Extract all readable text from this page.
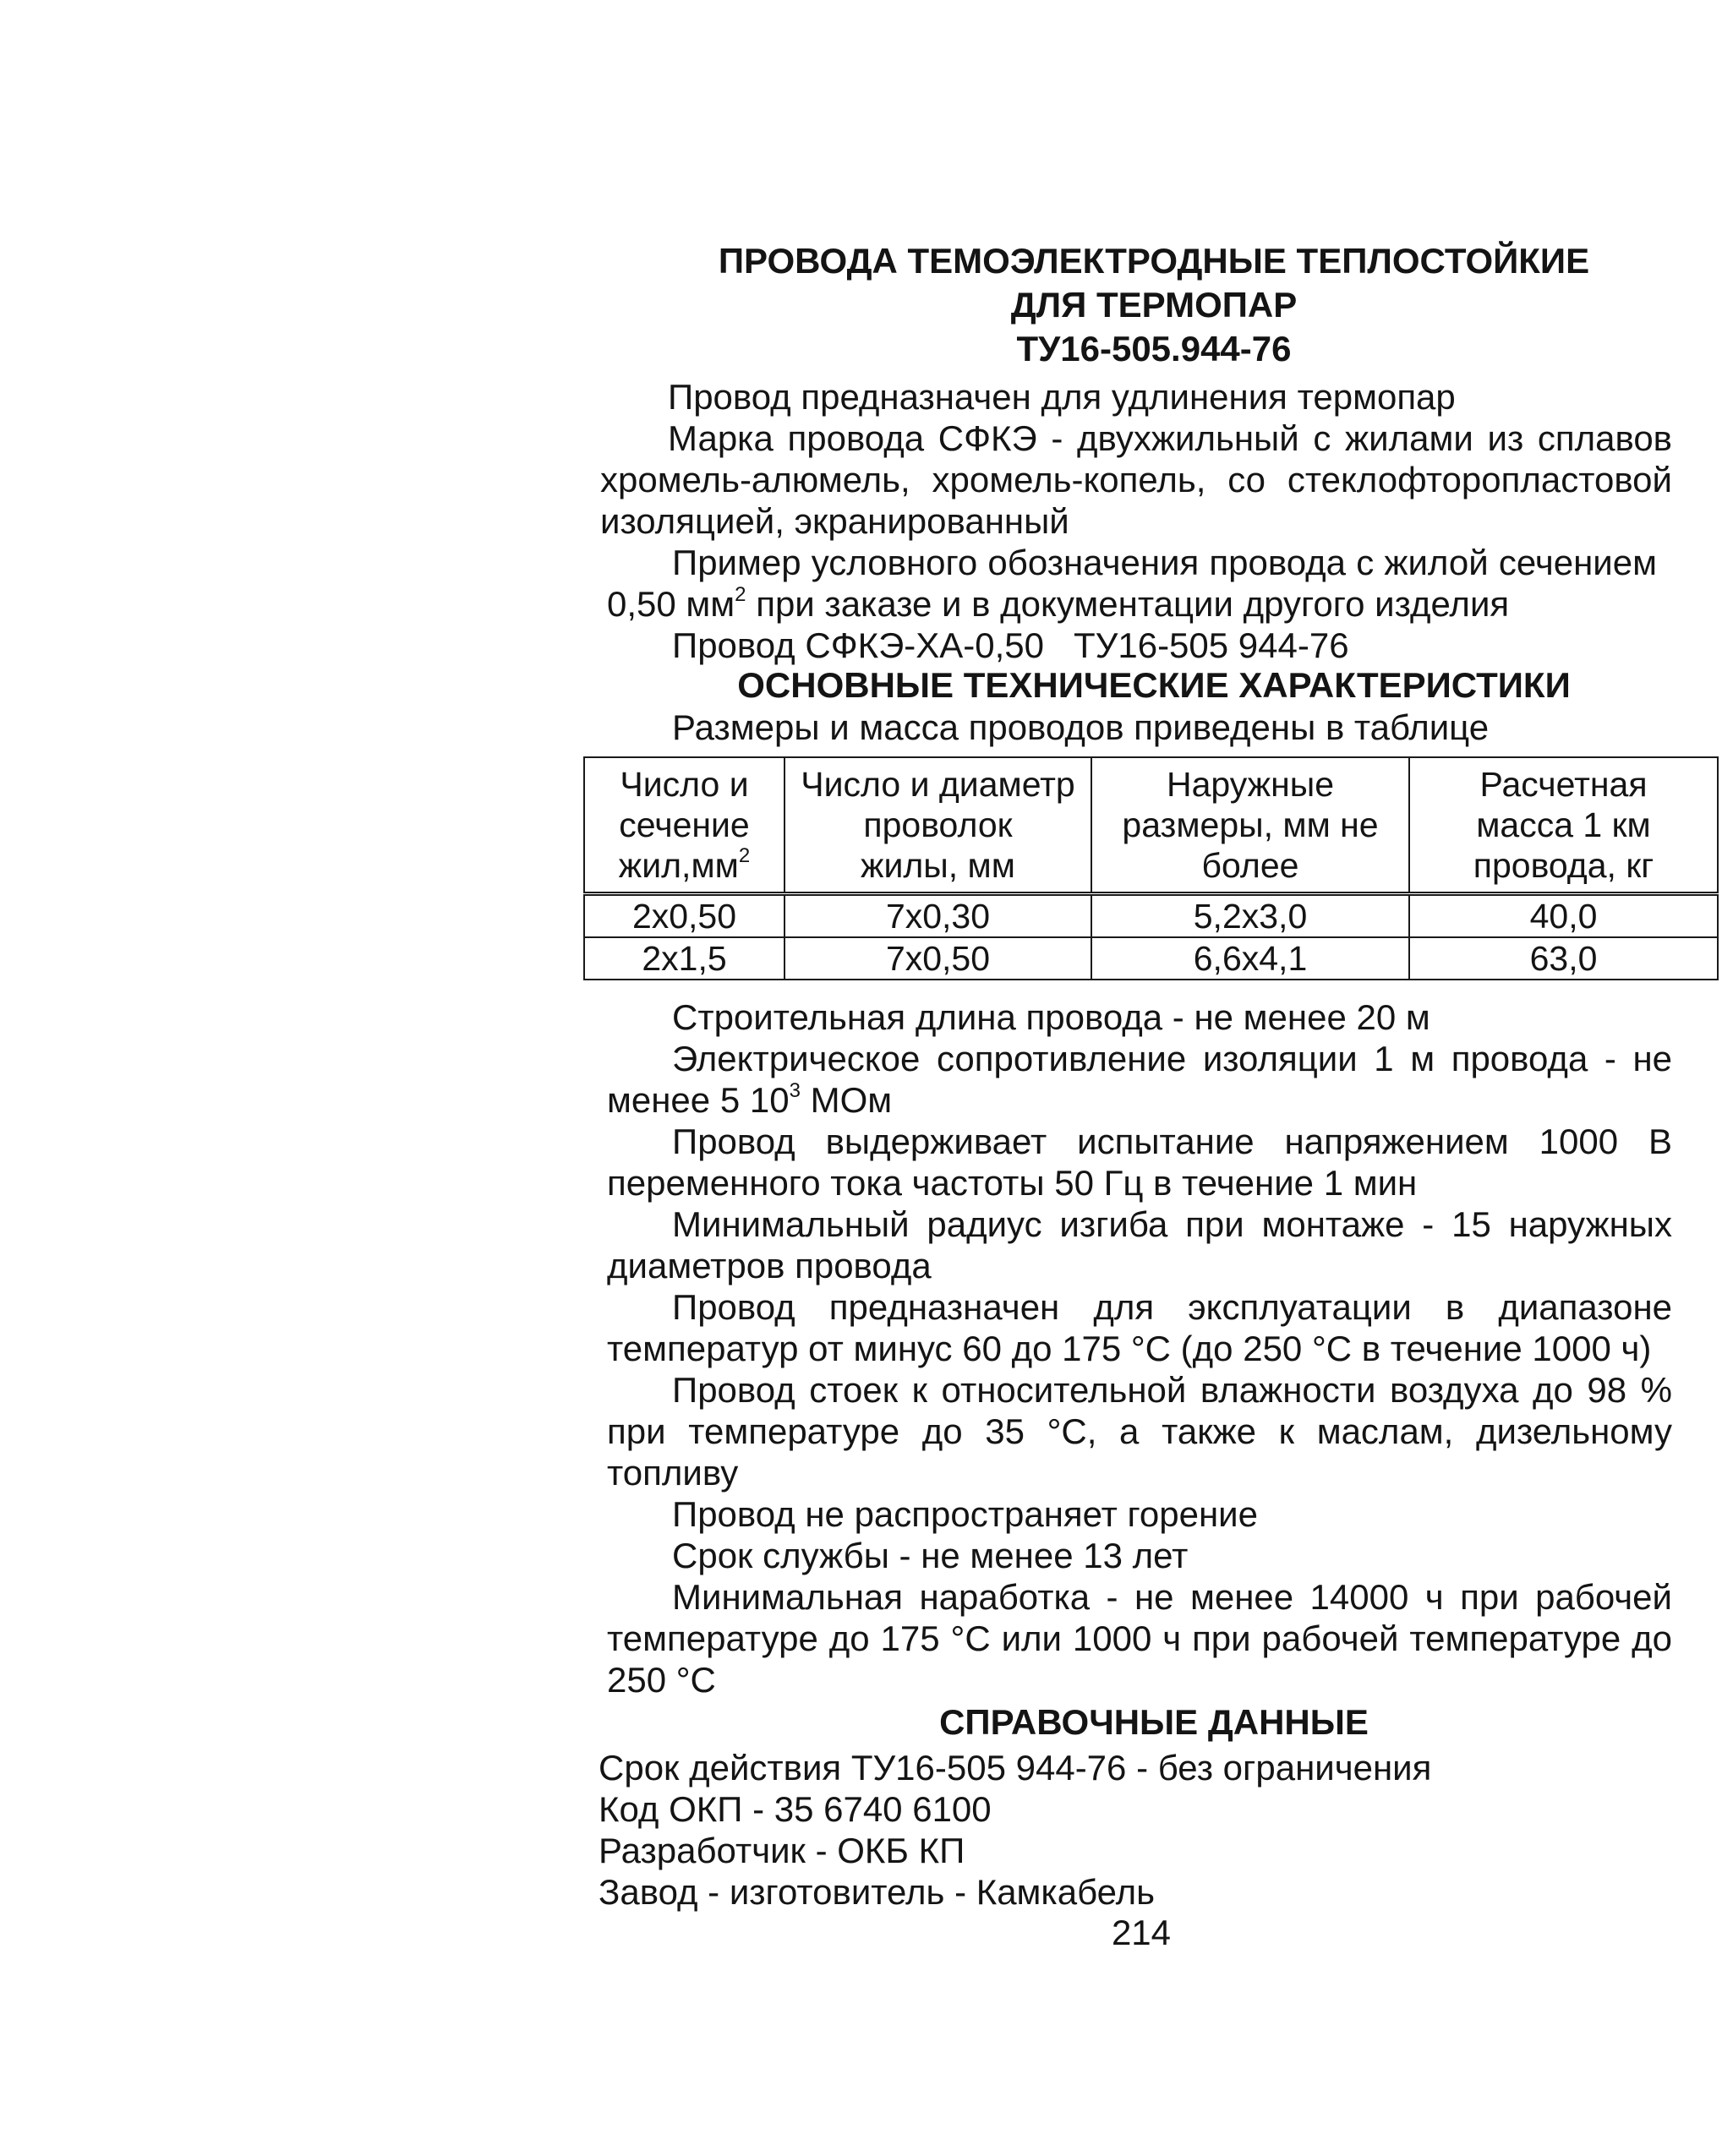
ПРОВОДА ТЕМОЭЛЕКТРОДНЫЕ ТЕПЛОСТОЙКИЕ
ДЛЯ ТЕРМОПАР
ТУ16-505.944-76
Провод предназначен для удлинения термопар
Марка провода СФКЭ - двухжильный с жилами из сплавов
хромель-алюмель, хромель-копель, со стеклофторопластовой
изоляцией, экранированный
Пример условного обозначения провода с жилой сечением
0,50 $мм^2$ при заказе и в документации другого изделия
Провод СФКЭ-ХА-0,50   ТУ16-505 944-76
ОСНОВНЫЕ ТЕХНИЧЕСКИЕ ХАРАКТЕРИСТИКИ
Размеры и масса проводов приведены в таблице
Число и
сечение
$жил,мм^2$	Число и диаметр
проволок
жилы, мм	Наружные
размеры, мм не
более	Расчетная
масса 1 км
провода, кг
2x0,50	7x0,30	5,2x3,0	40,0
2x1,5	7x0,50	6,6x4,1	63,0
Строительная длина провода - не менее 20 м
Электрическое сопротивление изоляции 1 м провода - не
менее 5 $10^3$ МОм
Провод выдерживает испытание напряжением 1000 В
переменного тока частоты 50 Гц в течение 1 мин
Минимальный радиус изгиба при монтаже - 15 наружных
диаметров провода
Провод предназначен для эксплуатации в диапазоне
температур от минус 60 до 175 °С (до 250 °С в течение 1000 ч)
Провод стоек к относительной влажности воздуха до 98 %
при температуре до 35 °С, а также к маслам, дизельному
топливу
Провод не распространяет горение
Срок службы - не менее 13 лет
Минимальная наработка - не менее 14000 ч при рабочей
температуре до 175 °С или 1000 ч при рабочей температуре до
250 °С
СПРАВОЧНЫЕ ДАННЫЕ
Срок действия ТУ16-505 944-76 - без ограничения
Код ОКП - 35 6740 6100
Разработчик - ОКБ КП
Завод - изготовитель - Камкабель
214
